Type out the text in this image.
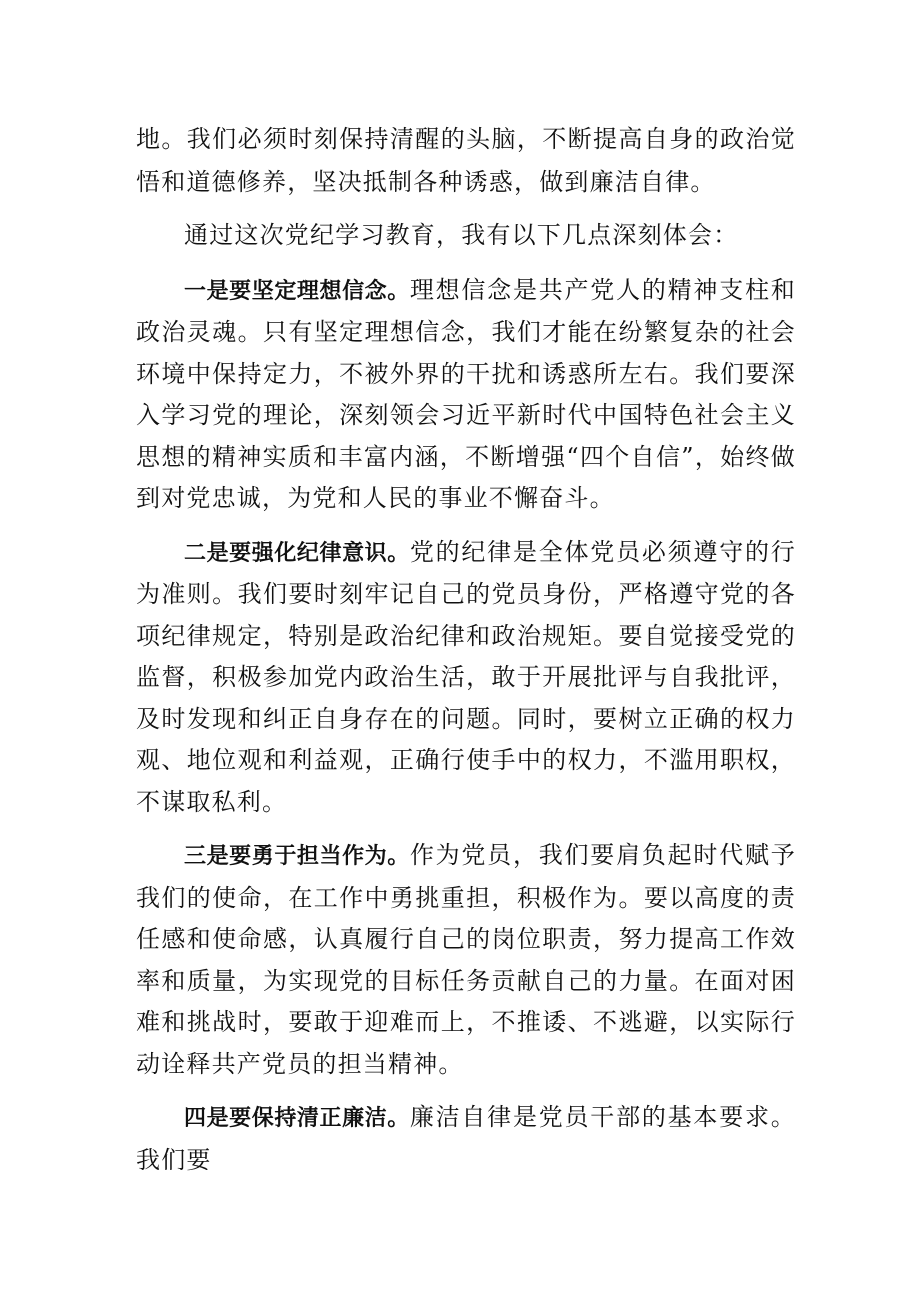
地。我们必须时刻保持清醒的头脑，不断提高自身的政治觉悟和道德修养，坚决抵制各种诱惑，做到廉洁自律。

通过这次党纪学习教育，我有以下几点深刻体会：

一是要坚定理想信念。理想信念是共产党人的精神支柱和政治灵魂。只有坚定理想信念，我们才能在纷繁复杂的社会环境中保持定力，不被外界的干扰和诱惑所左右。我们要深入学习党的理论，深刻领会习近平新时代中国特色社会主义思想的精神实质和丰富内涵，不断增强“四个自信”，始终做到对党忠诚，为党和人民的事业不懈奋斗。

二是要强化纪律意识。党的纪律是全体党员必须遵守的行为准则。我们要时刻牢记自己的党员身份，严格遵守党的各项纪律规定，特别是政治纪律和政治规矩。要自觉接受党的监督，积极参加党内政治生活，敢于开展批评与自我批评，及时发现和纠正自身存在的问题。同时，要树立正确的权力观、地位观和利益观，正确行使手中的权力，不滥用职权，不谋取私利。

三是要勇于担当作为。作为党员，我们要肩负起时代赋予我们的使命，在工作中勇挑重担，积极作为。要以高度的责任感和使命感，认真履行自己的岗位职责，努力提高工作效率和质量，为实现党的目标任务贡献自己的力量。在面对困难和挑战时，要敢于迎难而上，不推诿、不逃避，以实际行动诠释共产党员的担当精神。

四是要保持清正廉洁。廉洁自律是党员干部的基本要求。我们要
